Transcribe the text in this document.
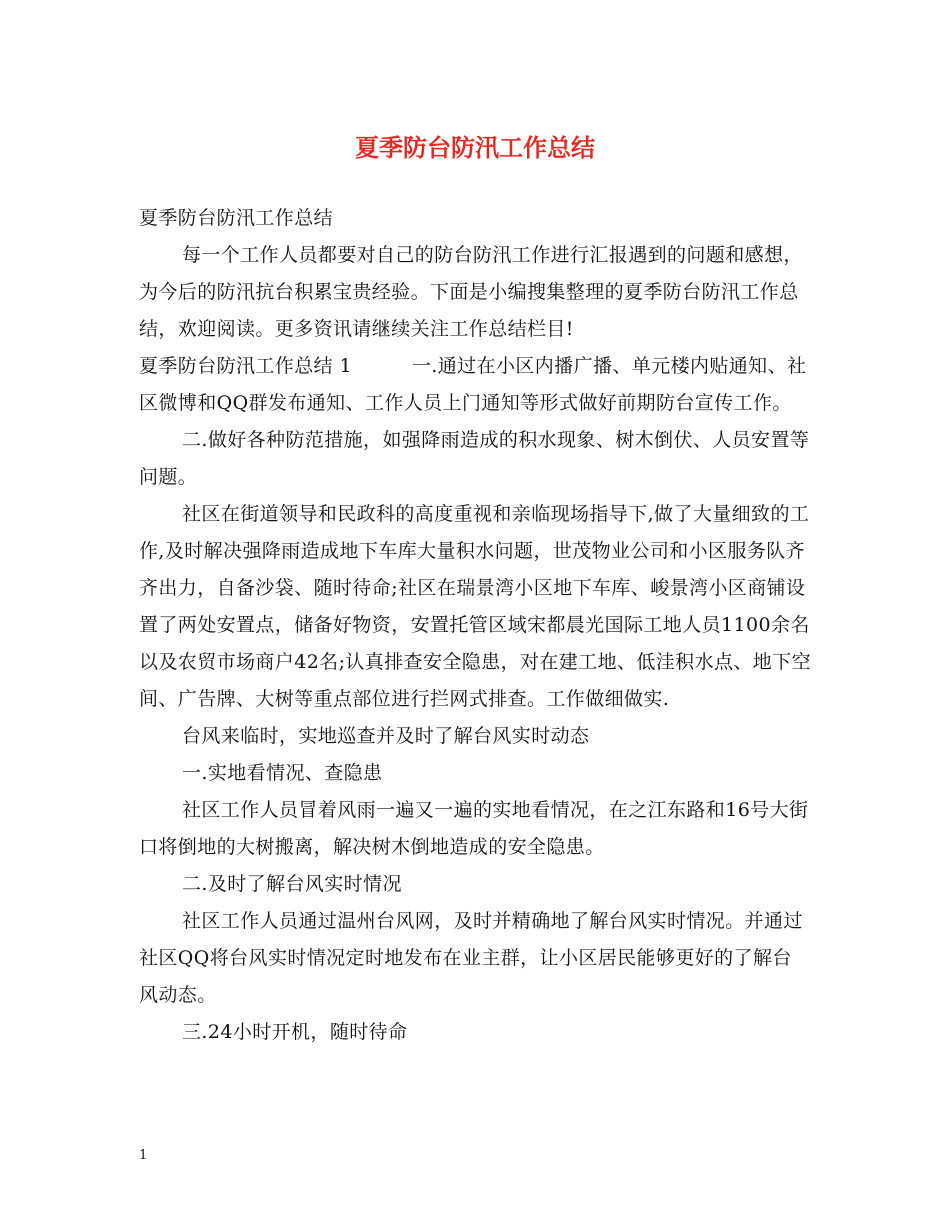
夏季防台防汛工作总结

夏季防台防汛工作总结

每一个工作人员都要对自己的防台防汛工作进行汇报遇到的问题和感想，为今后的防汛抗台积累宝贵经验。下面是小编搜集整理的夏季防台防汛工作总结，欢迎阅读。更多资讯请继续关注工作总结栏目!

夏季防台防汛工作总结 1	一.通过在小区内播广播、单元楼内贴通知、社区微博和QQ群发布通知、工作人员上门通知等形式做好前期防台宣传工作。

二.做好各种防范措施，如强降雨造成的积水现象、树木倒伏、人员安置等问题。

社区在街道领导和民政科的高度重视和亲临现场指导下,做了大量细致的工作,及时解决强降雨造成地下车库大量积水问题，世茂物业公司和小区服务队齐齐出力，自备沙袋、随时待命;社区在瑞景湾小区地下车库、峻景湾小区商铺设置了两处安置点，储备好物资，安置托管区域宋都晨光国际工地人员1100余名以及农贸市场商户42名;认真排查安全隐患，对在建工地、低洼积水点、地下空间、广告牌、大树等重点部位进行拦网式排查。工作做细做实.

台风来临时，实地巡查并及时了解台风实时动态

一.实地看情况、查隐患

社区工作人员冒着风雨一遍又一遍的实地看情况，在之江东路和16号大街口将倒地的大树搬离，解决树木倒地造成的安全隐患。

二.及时了解台风实时情况

社区工作人员通过温州台风网，及时并精确地了解台风实时情况。并通过社区QQ将台风实时情况定时地发布在业主群，让小区居民能够更好的了解台风动态。

三.24小时开机，随时待命

1
